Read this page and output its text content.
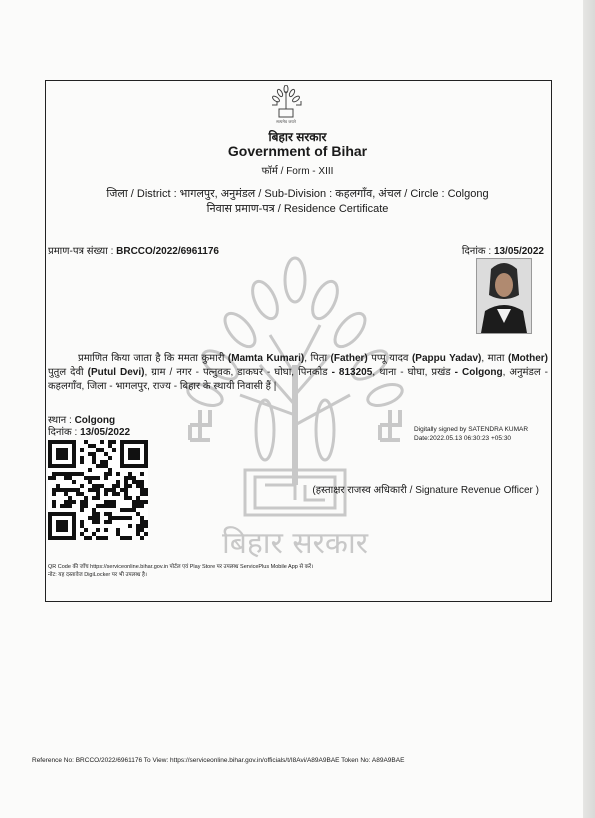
बिहार सरकार
सत्यमेव जयते
बिहार सरकार
Government of Bihar
फॉर्म / Form - XIII
जिला / District : भागलपुर, अनुमंडल / Sub-Division : कहलगाँव, अंचल / Circle : Colgong
निवास प्रमाण-पत्र / Residence Certificate
प्रमाण-पत्र संख्या : BRCCO/2022/6961176	दिनांक : 13/05/2022
प्रमाणित किया जाता है कि ममता कुमारी (Mamta Kumari), पिता (Father) पप्पू यादव (Pappu Yadav), माता (Mother) पुतुल देवी (Putul Devi), ग्राम / नगर - पत्नुवक, डाकघर - घोघा, पिनकोड - 813205, थाना - घोघा, प्रखंड - Colgong, अनुमंडल - कहलगाँव, जिला - भागलपुर, राज्य - बिहार के स्थायी निवासी हैं |
स्थान : Colgong
दिनांक : 13/05/2022	Digitally signed by SATENDRA KUMAR
Date:2022.05.13 06:30:23 +05:30
(हस्ताक्षर राजस्व अधिकारी / Signature Revenue Officer )
QR Code की जाँच https://serviceonline.bihar.gov.in पोर्टल एवं Play Store पर उपलब्ध ServicePlus Mobile App से करें।
नोट: यह दस्तावेज DigiLocker पर भी उपलब्ध है।
Reference No: BRCCO/2022/6961176 To View: https://serviceonline.bihar.gov.in/officials/t/I8Avi/A89A9BAE Token No: A89A9BAE
